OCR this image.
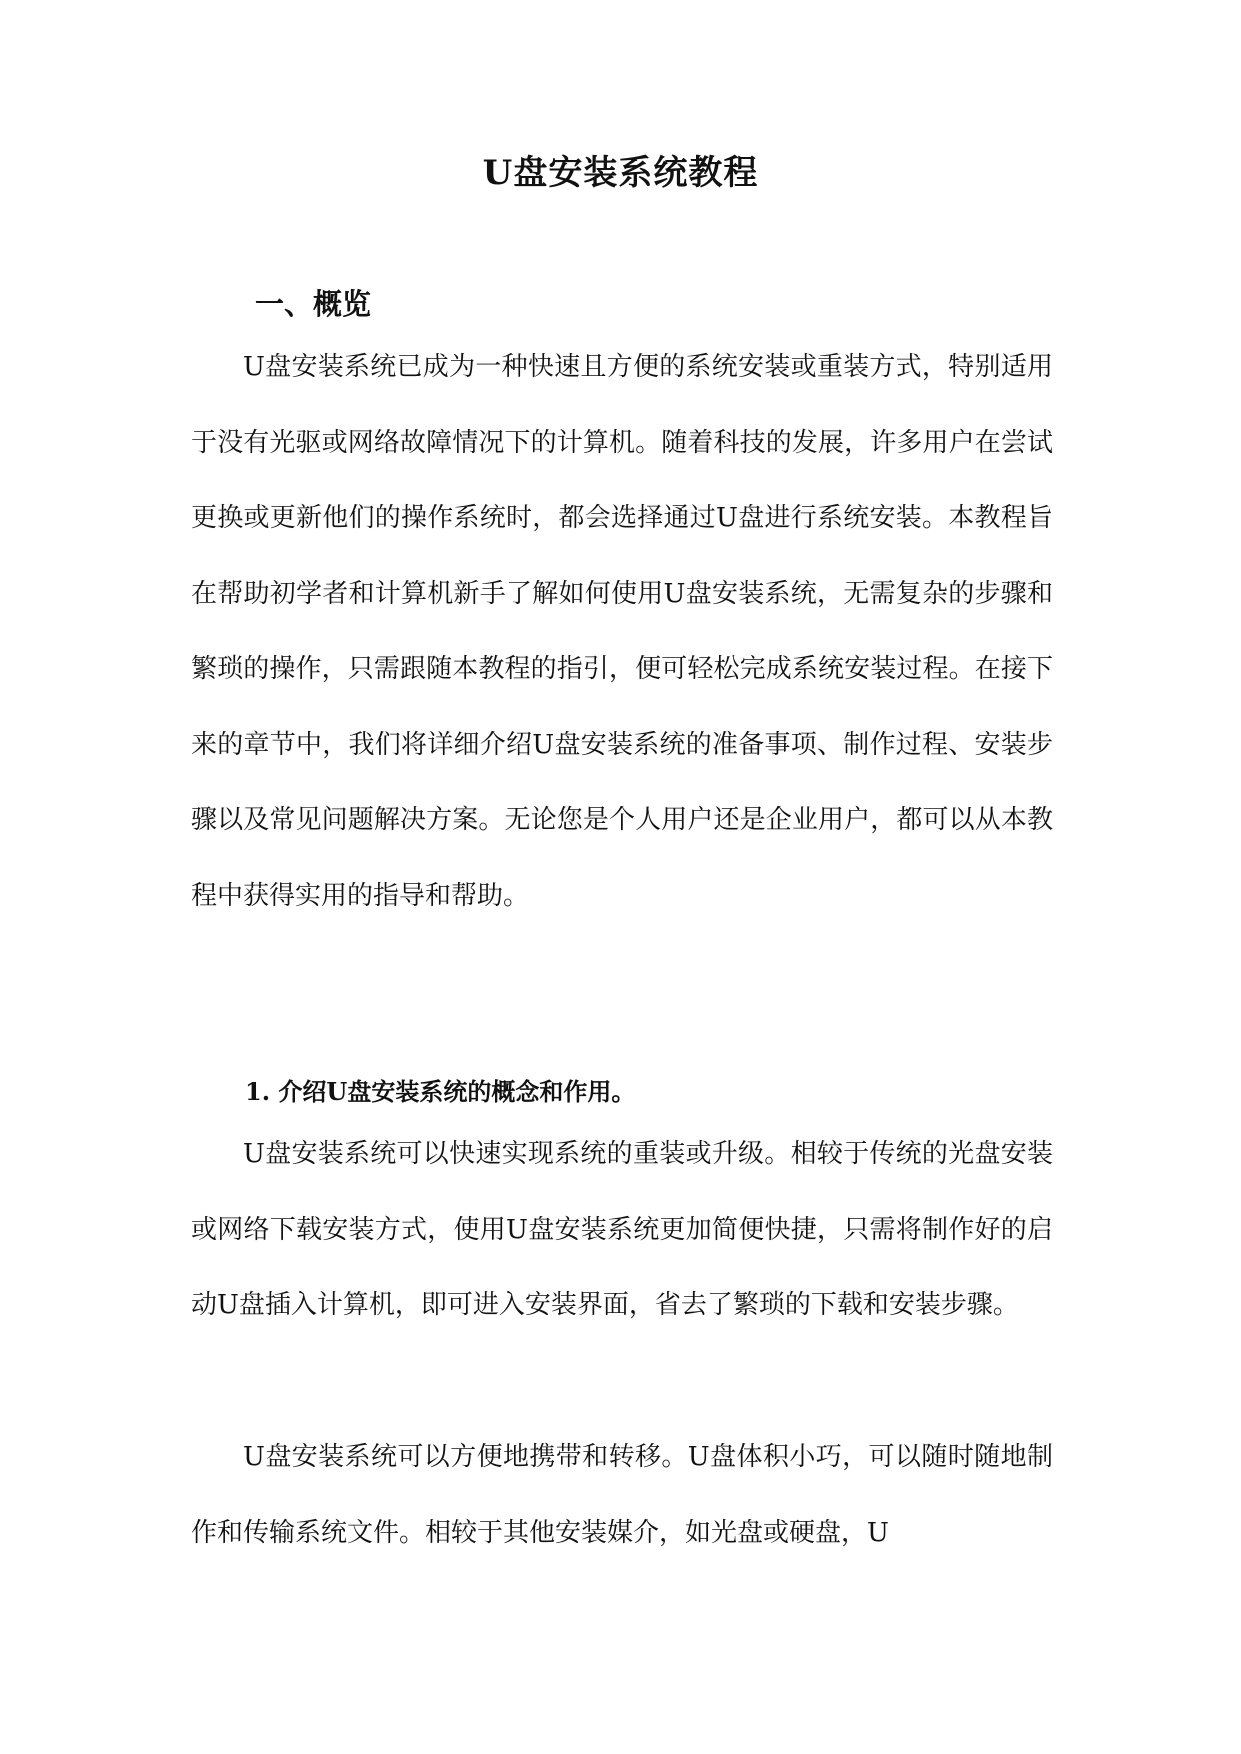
U盘安装系统教程
一、概览

U盘安装系统已成为一种快速且方便的系统安装或重装方式，特别适用于没有光驱或网络故障情况下的计算机。随着科技的发展，许多用户在尝试更换或更新他们的操作系统时，都会选择通过U盘进行系统安装。本教程旨在帮助初学者和计算机新手了解如何使用U盘安装系统，无需复杂的步骤和繁琐的操作，只需跟随本教程的指引，便可轻松完成系统安装过程。在接下来的章节中，我们将详细介绍U盘安装系统的准备事项、制作过程、安装步骤以及常见问题解决方案。无论您是个人用户还是企业用户，都可以从本教程中获得实用的指导和帮助。

1. 介绍U盘安装系统的概念和作用。

U盘安装系统可以快速实现系统的重装或升级。相较于传统的光盘安装或网络下载安装方式，使用U盘安装系统更加简便快捷，只需将制作好的启动U盘插入计算机，即可进入安装界面，省去了繁琐的下载和安装步骤。

U盘安装系统可以方便地携带和转移。U盘体积小巧，可以随时随地制作和传输系统文件。相较于其他安装媒介，如光盘或硬盘，U
